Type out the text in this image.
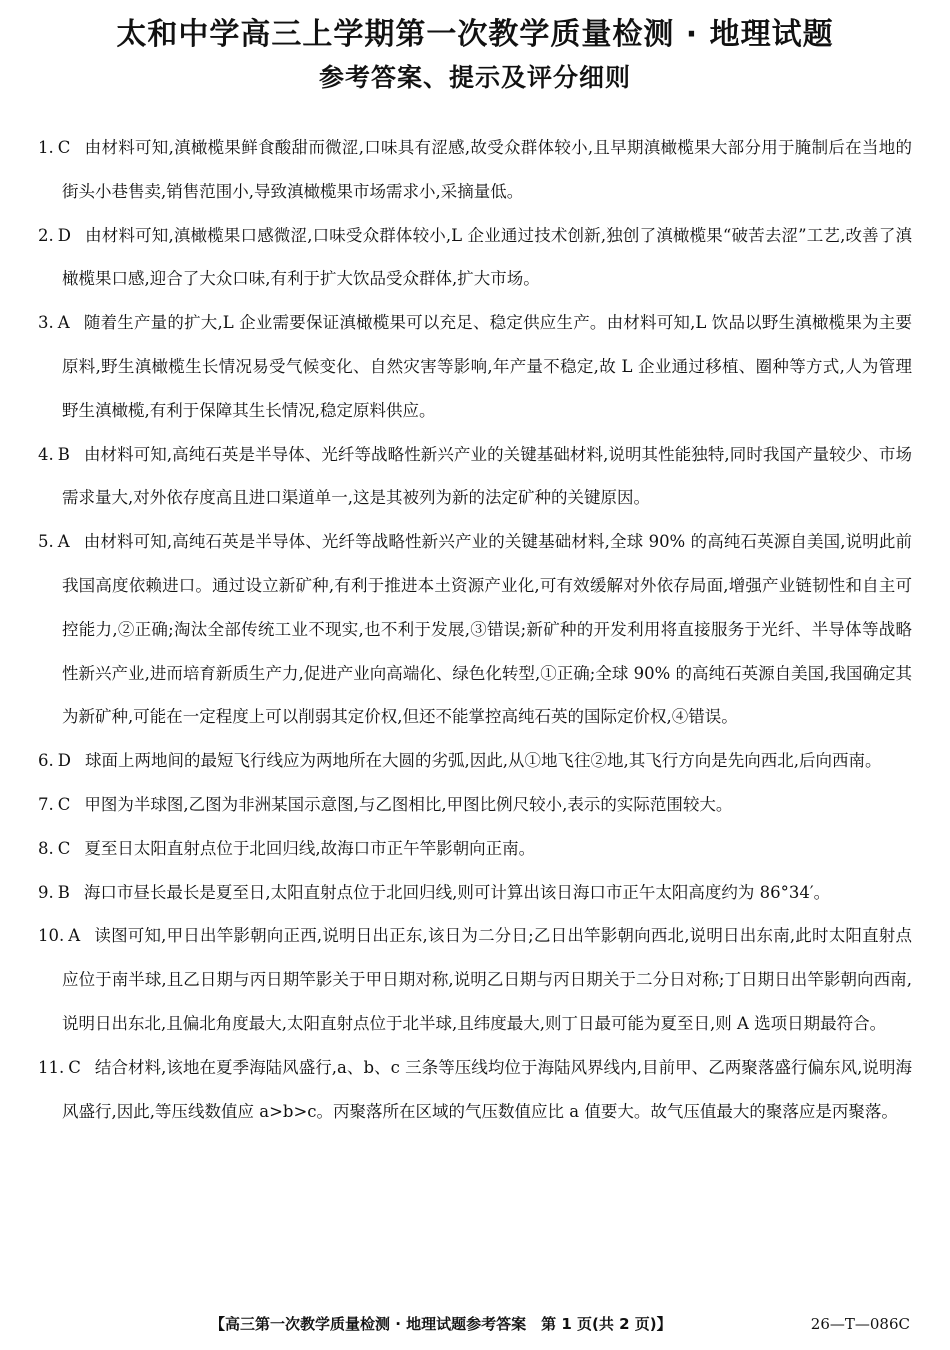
太和中学高三上学期第一次教学质量检测 · 地理试题
参考答案、提示及评分细则
1. C 由材料可知,滇橄榄果鲜食酸甜而微涩,口味具有涩感,故受众群体较小,且早期滇橄榄果大部分用于腌制后在当地的街头小巷售卖,销售范围小,导致滇橄榄果市场需求小,采摘量低。
2. D 由材料可知,滇橄榄果口感微涩,口味受众群体较小,L 企业通过技术创新,独创了滇橄榄果“破苦去涩”工艺,改善了滇橄榄果口感,迎合了大众口味,有利于扩大饮品受众群体,扩大市场。
3. A 随着生产量的扩大,L 企业需要保证滇橄榄果可以充足、稳定供应生产。由材料可知,L 饮品以野生滇橄榄果为主要原料,野生滇橄榄生长情况易受气候变化、自然灾害等影响,年产量不稳定,故 L 企业通过移植、圈种等方式,人为管理野生滇橄榄,有利于保障其生长情况,稳定原料供应。
4. B 由材料可知,高纯石英是半导体、光纤等战略性新兴产业的关键基础材料,说明其性能独特,同时我国产量较少、市场需求量大,对外依存度高且进口渠道单一,这是其被列为新的法定矿种的关键原因。
5. A 由材料可知,高纯石英是半导体、光纤等战略性新兴产业的关键基础材料,全球 90% 的高纯石英源自美国,说明此前我国高度依赖进口。通过设立新矿种,有利于推进本土资源产业化,可有效缓解对外依存局面,增强产业链韧性和自主可控能力,②正确;淘汰全部传统工业不现实,也不利于发展,③错误;新矿种的开发利用将直接服务于光纤、半导体等战略性新兴产业,进而培育新质生产力,促进产业向高端化、绿色化转型,①正确;全球 90% 的高纯石英源自美国,我国确定其为新矿种,可能在一定程度上可以削弱其定价权,但还不能掌控高纯石英的国际定价权,④错误。
6. D 球面上两地间的最短飞行线应为两地所在大圆的劣弧,因此,从①地飞往②地,其飞行方向是先向西北,后向西南。
7. C 甲图为半球图,乙图为非洲某国示意图,与乙图相比,甲图比例尺较小,表示的实际范围较大。
8. C 夏至日太阳直射点位于北回归线,故海口市正午竿影朝向正南。
9. B 海口市昼长最长是夏至日,太阳直射点位于北回归线,则可计算出该日海口市正午太阳高度约为 86°34′。
10. A 读图可知,甲日出竿影朝向正西,说明日出正东,该日为二分日;乙日出竿影朝向西北,说明日出东南,此时太阳直射点应位于南半球,且乙日期与丙日期竿影关于甲日期对称,说明乙日期与丙日期关于二分日对称;丁日期日出竿影朝向西南,说明日出东北,且偏北角度最大,太阳直射点位于北半球,且纬度最大,则丁日最可能为夏至日,则 A 选项日期最符合。
11. C 结合材料,该地在夏季海陆风盛行,a、b、c 三条等压线均位于海陆风界线内,目前甲、乙两聚落盛行偏东风,说明海风盛行,因此,等压线数值应 a>b>c。丙聚落所在区域的气压数值应比 a 值要大。故气压值最大的聚落应是丙聚落。
【高三第一次教学质量检测 · 地理试题参考答案　第 1 页(共 2 页)】	26—T—086C
